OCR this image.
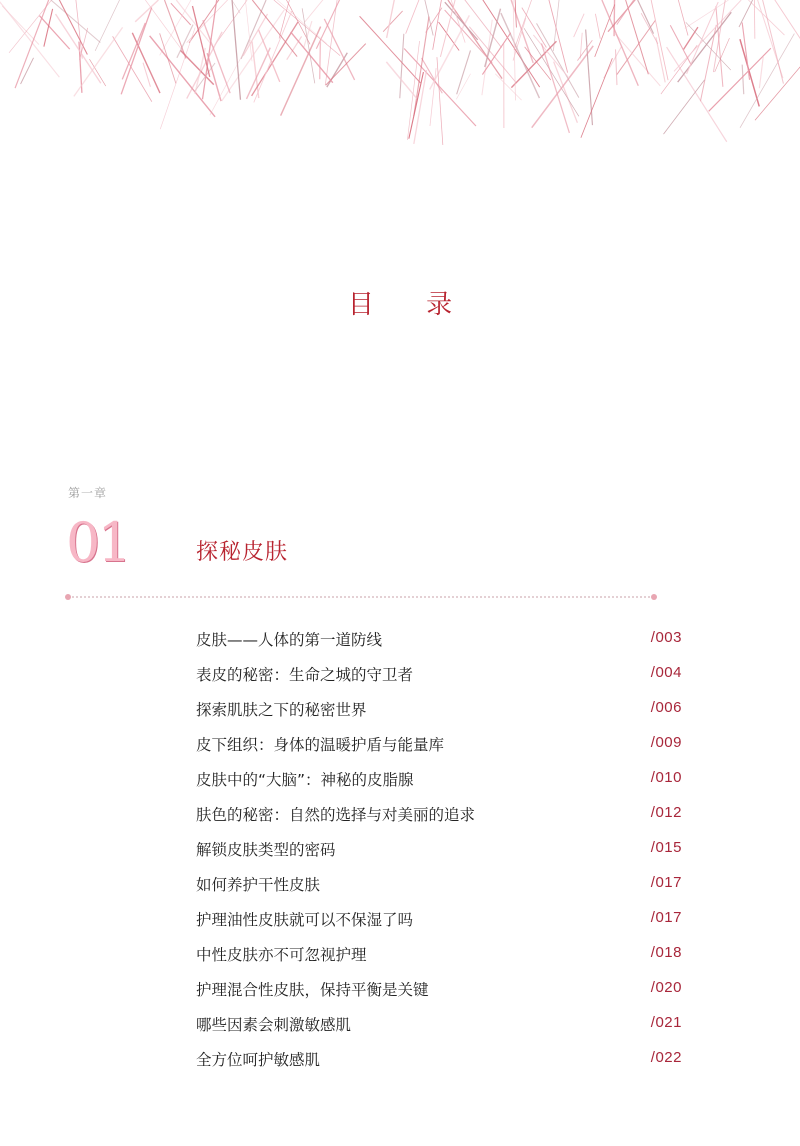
目 录
第一章
01	探秘皮肤
皮肤——人体的第一道防线	/003
表皮的秘密：生命之城的守卫者	/004
探索肌肤之下的秘密世界	/006
皮下组织：身体的温暖护盾与能量库	/009
皮肤中的“大脑”：神秘的皮脂腺	/010
肤色的秘密：自然的选择与对美丽的追求	/012
解锁皮肤类型的密码	/015
如何养护干性皮肤	/017
护理油性皮肤就可以不保湿了吗	/017
中性皮肤亦不可忽视护理	/018
护理混合性皮肤，保持平衡是关键	/020
哪些因素会刺激敏感肌	/021
全方位呵护敏感肌	/022
